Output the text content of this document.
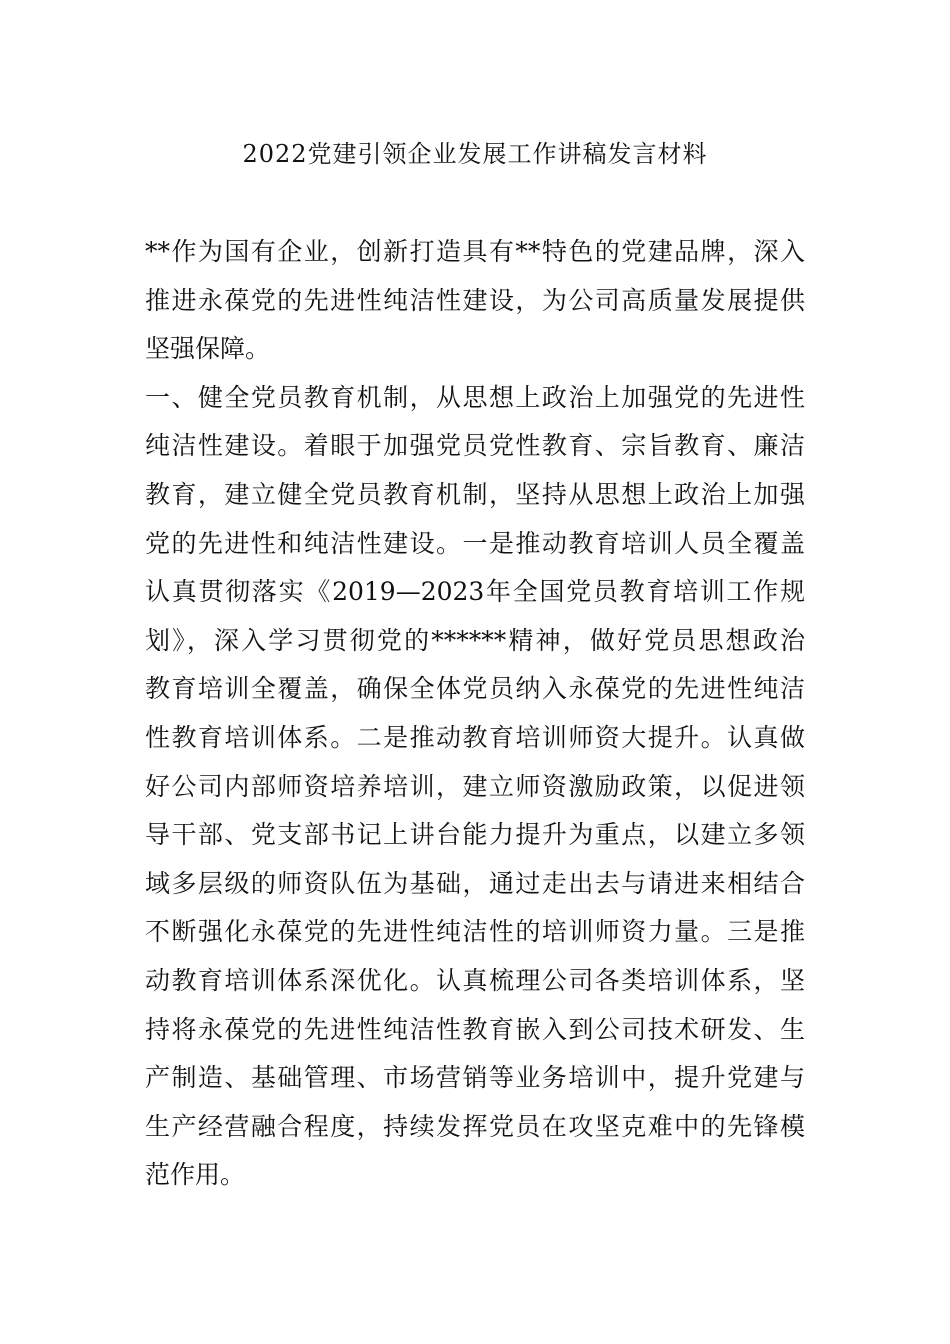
2022党建引领企业发展工作讲稿发言材料
**作为国有企业，创新打造具有**特色的党建品牌，深入
推进永葆党的先进性纯洁性建设，为公司高质量发展提供
坚强保障。
一、健全党员教育机制，从思想上政治上加强党的先进性
纯洁性建设。着眼于加强党员党性教育、宗旨教育、廉洁
教育，建立健全党员教育机制，坚持从思想上政治上加强
党的先进性和纯洁性建设。一是推动教育培训人员全覆盖
认真贯彻落实《2019—2023年全国党员教育培训工作规
划》，深入学习贯彻党的******精神，做好党员思想政治
教育培训全覆盖，确保全体党员纳入永葆党的先进性纯洁
性教育培训体系。二是推动教育培训师资大提升。认真做
好公司内部师资培养培训，建立师资激励政策，以促进领
导干部、党支部书记上讲台能力提升为重点，以建立多领
域多层级的师资队伍为基础，通过走出去与请进来相结合
不断强化永葆党的先进性纯洁性的培训师资力量。三是推
动教育培训体系深优化。认真梳理公司各类培训体系，坚
持将永葆党的先进性纯洁性教育嵌入到公司技术研发、生
产制造、基础管理、市场营销等业务培训中，提升党建与
生产经营融合程度，持续发挥党员在攻坚克难中的先锋模
范作用。
